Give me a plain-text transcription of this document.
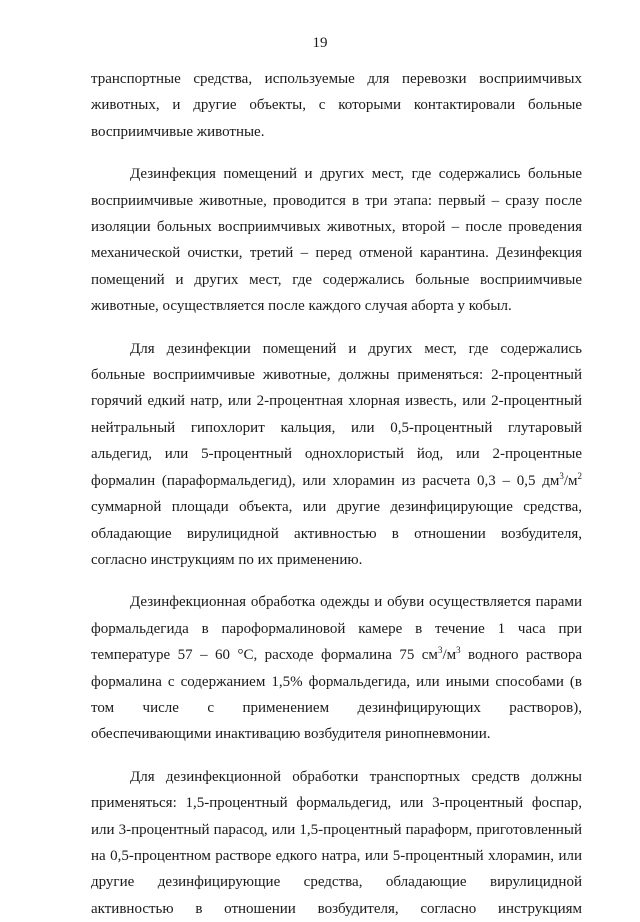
19

транспортные средства, используемые для перевозки восприимчивых животных, и другие объекты, с которыми контактировали больные восприимчивые животные.

Дезинфекция помещений и других мест, где содержались больные восприимчивые животные, проводится в три этапа: первый – сразу после изоляции больных восприимчивых животных, второй – после проведения механической очистки, третий – перед отменой карантина. Дезинфекция помещений и других мест, где содержались больные восприимчивые животные, осуществляется после каждого случая аборта у кобыл.

Для дезинфекции помещений и других мест, где содержались больные восприимчивые животные, должны применяться: 2-процентный горячий едкий натр, или 2-процентная хлорная известь, или 2-процентный нейтральный гипохлорит кальция, или 0,5-процентный глутаровый альдегид, или 5-процентный однохлористый йод, или 2-процентные формалин (параформальдегид), или хлорамин из расчета 0,3 – 0,5 $дм^3/м^2$ суммарной площади объекта, или другие дезинфицирующие средства, обладающие вирулицидной активностью в отношении возбудителя, согласно инструкциям по их применению.

Дезинфекционная обработка одежды и обуви осуществляется парами формальдегида в пароформалиновой камере в течение 1 часа при температуре 57 – 60 °С, расходе формалина 75 $см^3/м^3$ водного раствора формалина с содержанием 1,5% формальдегида, или иными способами (в том числе с применением дезинфицирующих растворов), обеспечивающими инактивацию возбудителя ринопневмонии.

Для дезинфекционной обработки транспортных средств должны применяться: 1,5-процентный формальдегид, или 3-процентный фоспар, или 3-процентный парасод, или 1,5-процентный параформ, приготовленный на 0,5-процентном растворе едкого натра, или 5-процентный хлорамин, или другие дезинфицирующие средства, обладающие вирулицидной активностью в отношении возбудителя, согласно инструкциям
